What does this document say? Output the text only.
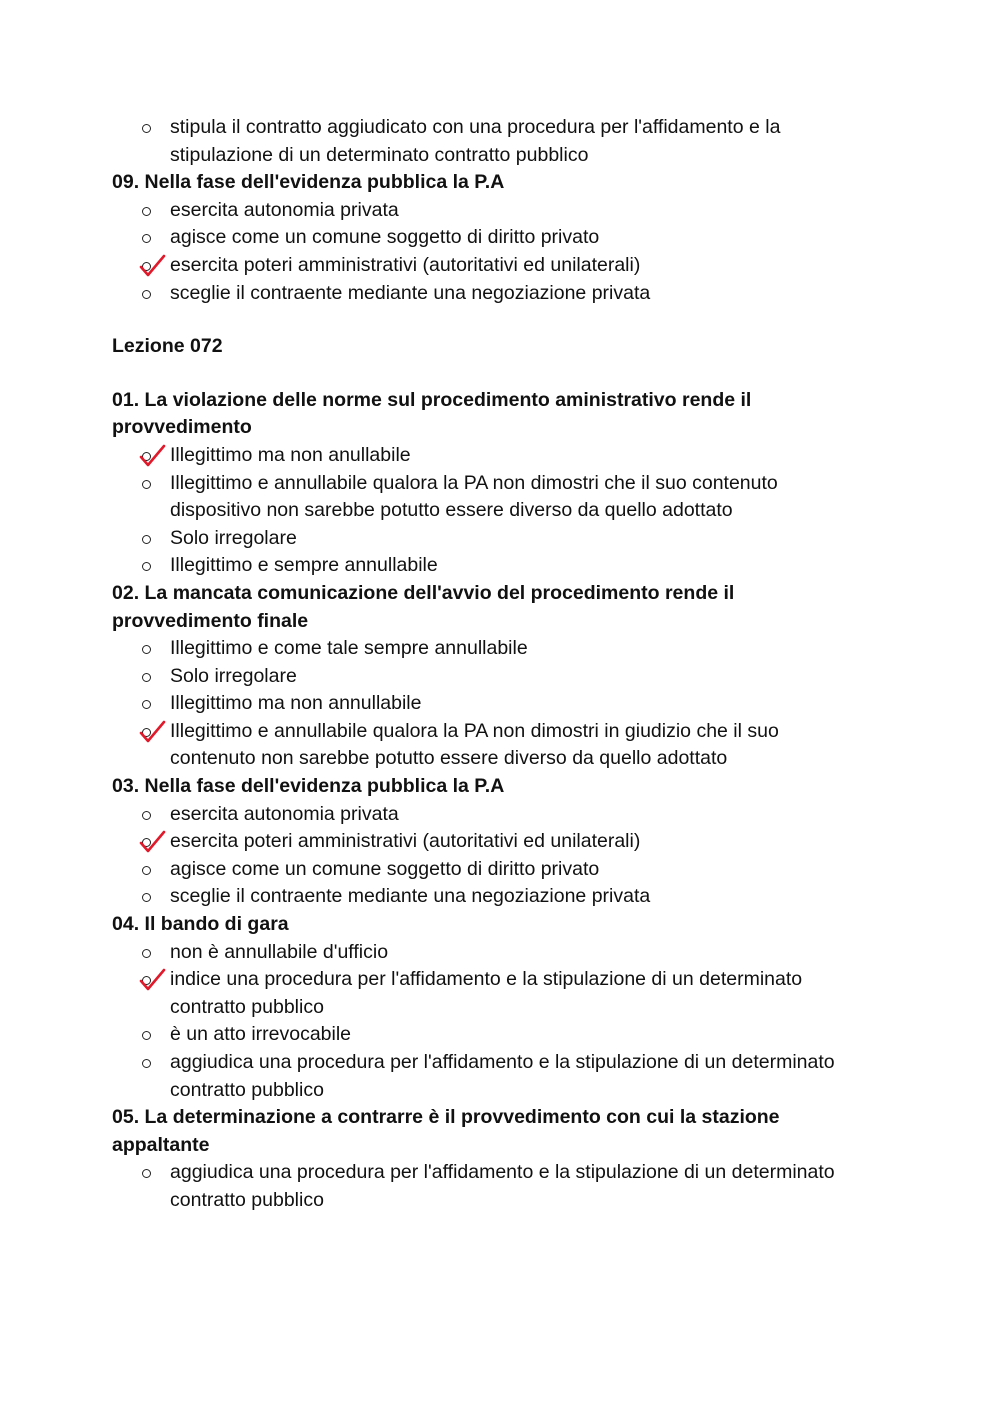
stipula il contratto aggiudicato con una procedura per l'affidamento e la
stipulazione di un determinato contratto pubblico
09. Nella fase dell'evidenza pubblica la P.A
esercita autonomia privata
agisce come un comune soggetto di diritto privato
esercita poteri amministrativi (autoritativi ed unilaterali)
sceglie il contraente mediante una negoziazione privata
Lezione 072
01. La violazione delle norme sul procedimento aministrativo rende il
provvedimento
Illegittimo ma non anullabile
Illegittimo e annullabile qualora la PA non dimostri che il suo contenuto
dispositivo non sarebbe potutto essere diverso da quello adottato
Solo irregolare
Illegittimo e sempre annullabile
02. La mancata comunicazione dell'avvio del procedimento rende il
provvedimento finale
Illegittimo e come tale sempre annullabile
Solo irregolare
Illegittimo ma non annullabile
Illegittimo e annullabile qualora la PA non dimostri in giudizio che il suo
contenuto non sarebbe potutto essere diverso da quello adottato
03. Nella fase dell'evidenza pubblica la P.A
esercita autonomia privata
esercita poteri amministrativi (autoritativi ed unilaterali)
agisce come un comune soggetto di diritto privato
sceglie il contraente mediante una negoziazione privata
04. Il bando di gara
non è annullabile d'ufficio
indice una procedura per l'affidamento e la stipulazione di un determinato
contratto pubblico
è un atto irrevocabile
aggiudica una procedura per l'affidamento e la stipulazione di un determinato
contratto pubblico
05. La determinazione a contrarre è il provvedimento con cui la stazione
appaltante
aggiudica una procedura per l'affidamento e la stipulazione di un determinato
contratto pubblico
